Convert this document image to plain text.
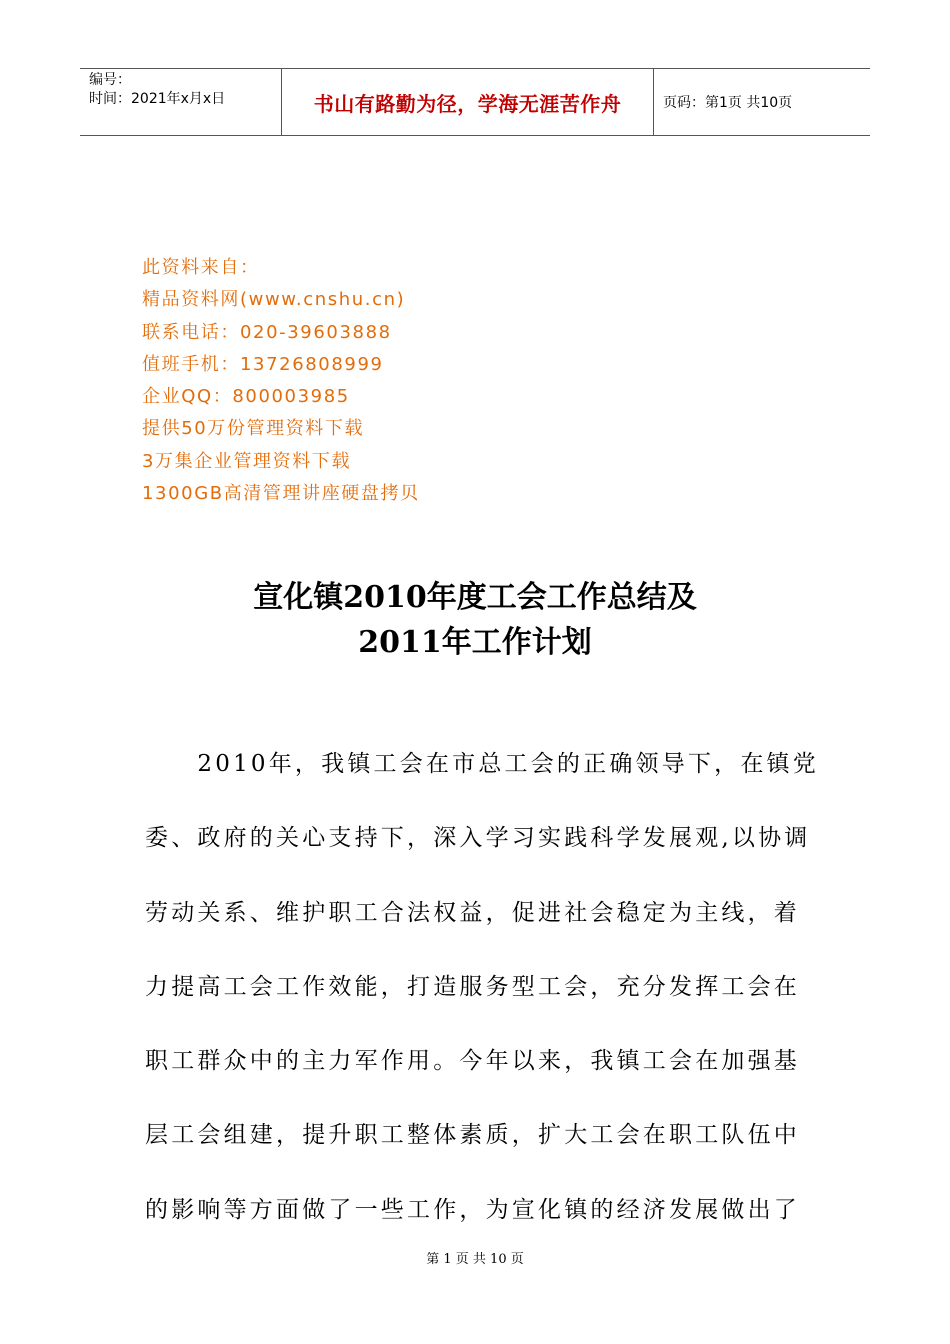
编号：
时间：2021年x月x日	书山有路勤为径，学海无涯苦作舟	页码：第1页 共10页
此资料来自：
精品资料网(www.cnshu.cn)
联系电话：020-39603888
值班手机：13726808999
企业QQ：800003985
提供50万份管理资料下载
3万集企业管理资料下载
1300GB高清管理讲座硬盘拷贝
宣化镇2010年度工会工作总结及
2011年工作计划
　　2010年，我镇工会在市总工会的正确领导下，在镇党
委、政府的关心支持下，深入学习实践科学发展观,以协调
劳动关系、维护职工合法权益，促进社会稳定为主线，着
力提高工会工作效能，打造服务型工会，充分发挥工会在
职工群众中的主力军作用。今年以来，我镇工会在加强基
层工会组建，提升职工整体素质，扩大工会在职工队伍中
的影响等方面做了一些工作，为宣化镇的经济发展做出了
第 1 页 共 10 页
